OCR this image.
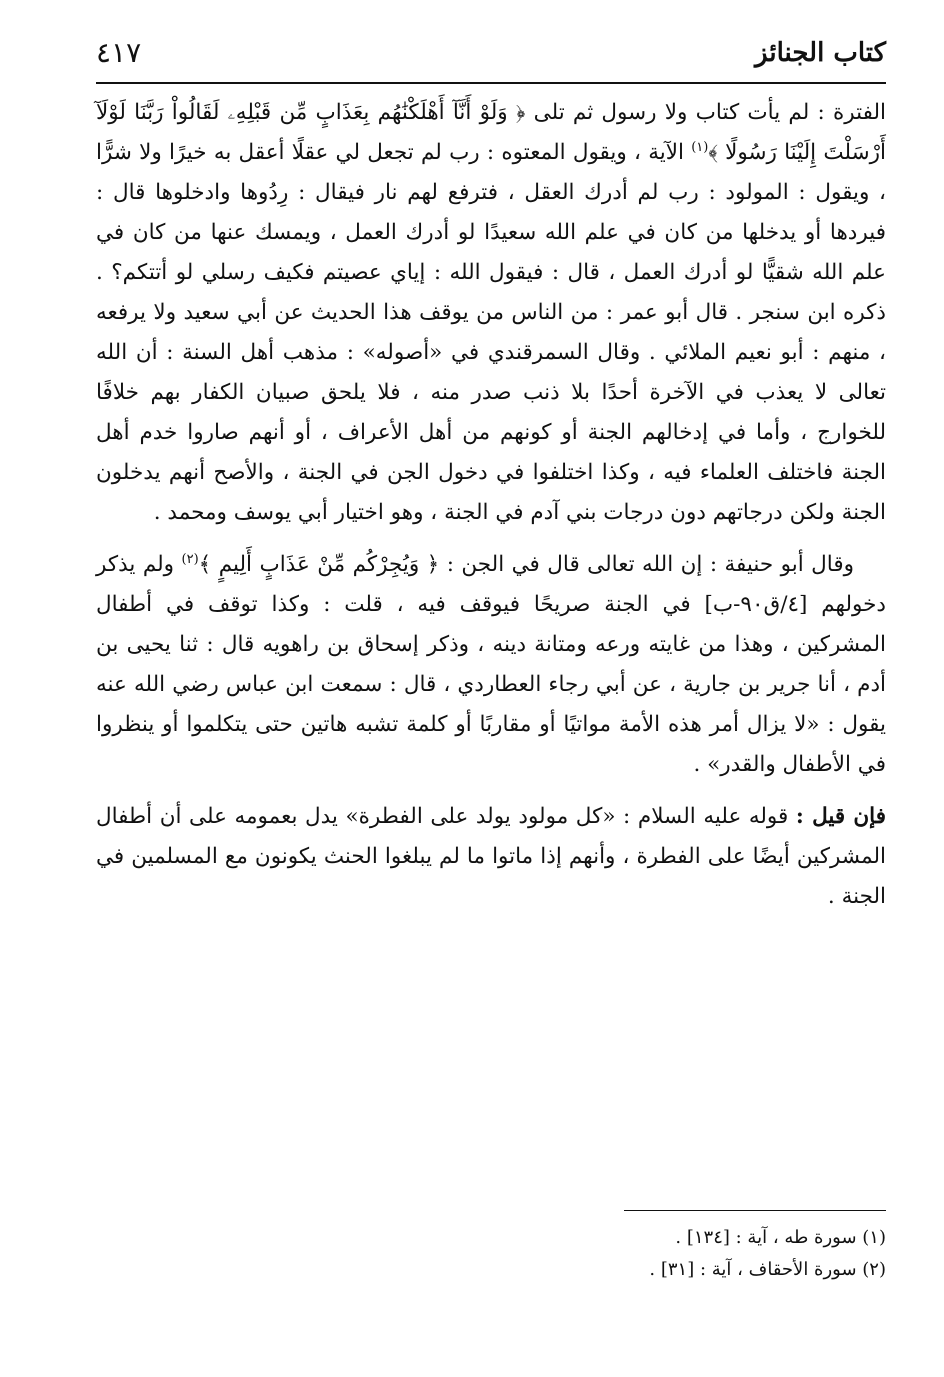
كتاب الجنائز
٤١٧

الفترة : لم يأت كتاب ولا رسول ثم تلى ﴿ وَلَوْ أَنَّآ أَهْلَكْنَٰهُم بِعَذَابٍ مِّن قَبْلِهِۦ لَقَالُواْ رَبَّنَا لَوْلَآ أَرْسَلْتَ إِلَيْنَا رَسُولًا ﴾$^{(١)}$ الآية ، ويقول المعتوه : رب لم تجعل لي عقلًا أعقل به خيرًا ولا شرًّا ، ويقول : المولود : رب لم أدرك العقل ، فترفع لهم نار فيقال : رِدُوها وادخلوها قال : فيردها أو يدخلها من كان في علم الله سعيدًا لو أدرك العمل ، ويمسك عنها من كان في علم الله شقيًّا لو أدرك العمل ، قال : فيقول الله : إياي عصيتم فكيف رسلي لو أتتكم؟ . ذكره ابن سنجر . قال أبو عمر : من الناس من يوقف هذا الحديث عن أبي سعيد ولا يرفعه ، منهم : أبو نعيم الملائي . وقال السمرقندي في «أصوله» : مذهب أهل السنة : أن الله تعالى لا يعذب في الآخرة أحدًا بلا ذنب صدر منه ، فلا يلحق صبيان الكفار بهم خلافًا للخوارج ، وأما في إدخالهم الجنة أو كونهم من أهل الأعراف ، أو أنهم صاروا خدم أهل الجنة فاختلف العلماء فيه ، وكذا اختلفوا في دخول الجن في الجنة ، والأصح أنهم يدخلون الجنة ولكن درجاتهم دون درجات بني آدم في الجنة ، وهو اختيار أبي يوسف ومحمد .

وقال أبو حنيفة : إن الله تعالى قال في الجن : ﴿ وَيُجِرْكُم مِّنْ عَذَابٍ أَلِيمٍ ﴾$^{(٢)}$ ولم يذكر دخولهم [٤/ق٩٠-ب] في الجنة صريحًا فيوقف فيه ، قلت : وكذا توقف في أطفال المشركين ، وهذا من غايته ورعه ومتانة دينه ، وذكر إسحاق بن راهويه قال : ثنا يحيى بن أدم ، أنا جرير بن جارية ، عن أبي رجاء العطاردي ، قال : سمعت ابن عباس رضي الله عنه يقول : «لا يزال أمر هذه الأمة مواتيًا أو مقاربًا أو كلمة تشبه هاتين حتى يتكلموا أو ينظروا في الأطفال والقدر» .

فإن قيل : قوله عليه السلام : «كل مولود يولد على الفطرة» يدل بعمومه على أن أطفال المشركين أيضًا على الفطرة ، وأنهم إذا ماتوا ما لم يبلغوا الحنث يكونون مع المسلمين في الجنة .

(١) سورة طه ، آية : [١٣٤] .

(٢) سورة الأحقاف ، آية : [٣١] .
